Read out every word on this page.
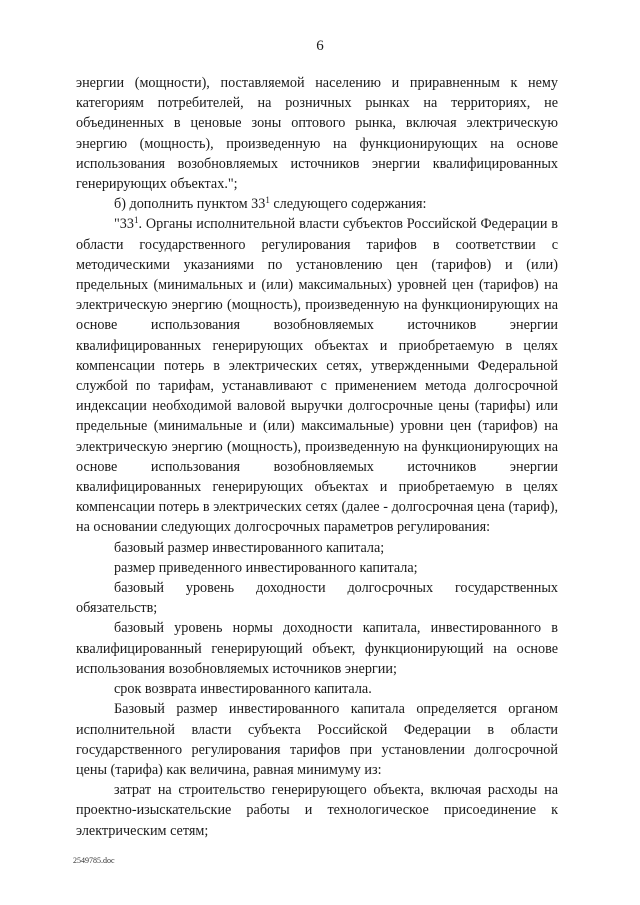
6

энергии (мощности), поставляемой населению и приравненным к нему категориям потребителей, на розничных рынках на территориях, не объединенных в ценовые зоны оптового рынка, включая электрическую энергию (мощность), произведенную на функционирующих на основе использования возобновляемых источников энергии квалифицированных генерирующих объектах.";

б) дополнить пунктом $33^1$ следующего содержания:

"$33^1$. Органы исполнительной власти субъектов Российской Федерации в области государственного регулирования тарифов в соответствии с методическими указаниями по установлению цен (тарифов) и (или) предельных (минимальных и (или) максимальных) уровней цен (тарифов) на электрическую энергию (мощность), произведенную на функционирующих на основе использования возобновляемых источников энергии квалифицированных генерирующих объектах и приобретаемую в целях компенсации потерь в электрических сетях, утвержденными Федеральной службой по тарифам, устанавливают с применением метода долгосрочной индексации необходимой валовой выручки долгосрочные цены (тарифы) или предельные (минимальные и (или) максимальные) уровни цен (тарифов) на электрическую энергию (мощность), произведенную на функционирующих на основе использования возобновляемых источников энергии квалифицированных генерирующих объектах и приобретаемую в целях компенсации потерь в электрических сетях (далее - долгосрочная цена (тариф), на основании следующих долгосрочных параметров регулирования:

базовый размер инвестированного капитала;

размер приведенного инвестированного капитала;

базовый уровень доходности долгосрочных государственных обязательств;

базовый уровень нормы доходности капитала, инвестированного в квалифицированный генерирующий объект, функционирующий на основе использования возобновляемых источников энергии;

срок возврата инвестированного капитала.

Базовый размер инвестированного капитала определяется органом исполнительной власти субъекта Российской Федерации в области государственного регулирования тарифов при установлении долгосрочной цены (тарифа) как величина, равная минимуму из:

затрат на строительство генерирующего объекта, включая расходы на проектно-изыскательские работы и технологическое присоединение к электрическим сетям;

2549785.doc
